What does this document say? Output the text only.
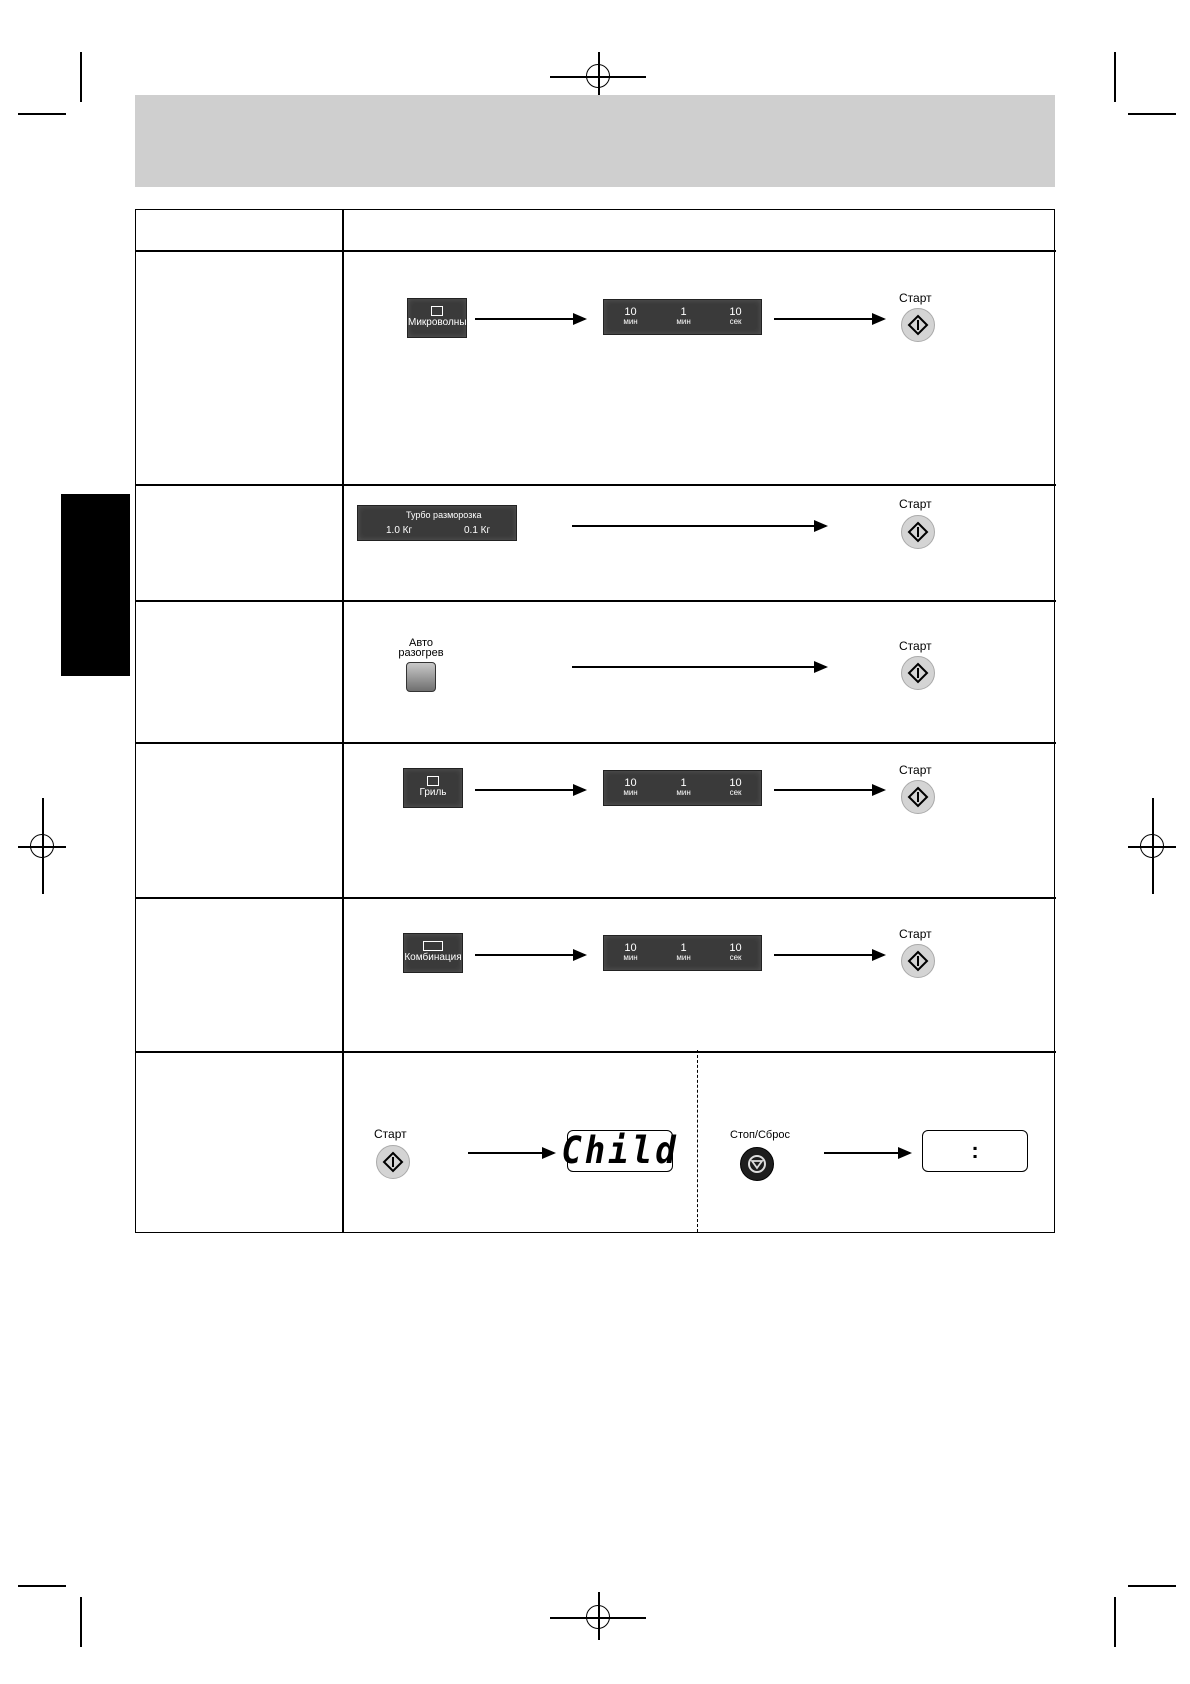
Микроволны
10
мин
1
мин
10
сек
Старт
Турбо разморозка
1.0 Кг	0.1 Кг
Старт
Авто
разогрев	Старт
Гриль
10
мин
1
мин
10
сек
Старт
Комбинация
10
мин
1
мин
10
сек
Старт
Старт	Child	Стоп/Сброс
:
